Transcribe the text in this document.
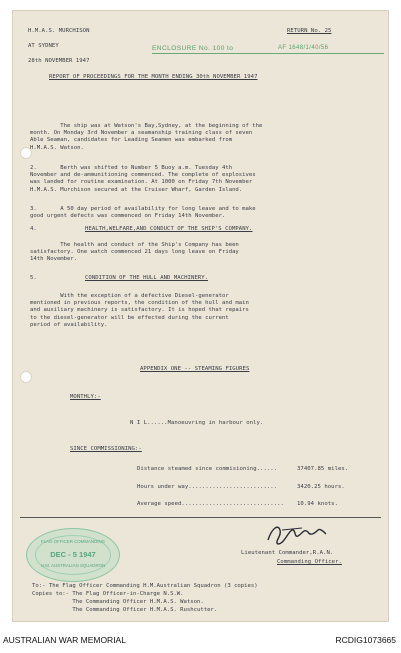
H.M.A.S. MURCHISON
AT SYDNEY
28th NOVEMBER 1947
RETURN No. 25
ENCLOSURE No. 100 to	AF 1648/1/40/56
REPORT OF PROCEEDINGS FOR THE MONTH ENDING 30th NOVEMBER 1947
The ship was at Watson's Bay,Sydney, at the beginning of the
month. On Monday 3rd November a seamanship training class of seven
Able Seaman, candidates for Leading Seamen was embarked from
H.M.A.S. Watson.
2.       Berth was shifted to Number 5 Buoy a.m. Tuesday 4th
November and de-ammunitioning commenced. The complete of explosives
was landed for routine examination. At 1000 on Friday 7th November
H.M.A.S. Murchison secured at the Cruiser Wharf, Garden Island.
3.       A 50 day period of availability for long leave and to make
good urgent defects was commenced on Friday 14th November.
4.	HEALTH,WELFARE,AND CONDUCT OF THE SHIP'S COMPANY.
The health and conduct of the Ship's Company has been
satisfactory. One watch commenced 21 days long leave on Friday
14th November.
5.	CONDITION OF THE HULL AND MACHINERY.
With the exception of a defective Diesel-generator
mentioned in previous reports, the condition of the hull and main
and auxiliary machinery is satisfactory. It is hoped that repairs
to the diesel-generator will be effected during the current
period of availability.
APPENDIX ONE -- STEAMING FIGURES
MONTHLY:-
N I L......Manoeuvring in harbour only.
SINCE COMMISSIONING:-
Distance steamed since commisioning......	37407.85 miles.
Hours under way..........................	3420.25 hours.
Average speed.............................. 10.94 knots.
Lieutenant Commander,R.A.N.
Commanding Officer.
FLAG OFFICER COMMANDING
DEC - 5 1947
H.M. AUSTRALIAN SQUADRON
To:- The Flag Officer Commanding H.M.Australian Squadron (3 copies)
Copies to:- The Flag Officer-in-Charge N.S.W.
The Commanding Officer H.M.A.S. Watson.
The Commanding Officer H.M.A.S. Rushcutter.
AUSTRALIAN WAR MEMORIAL	RCDIG1073665
